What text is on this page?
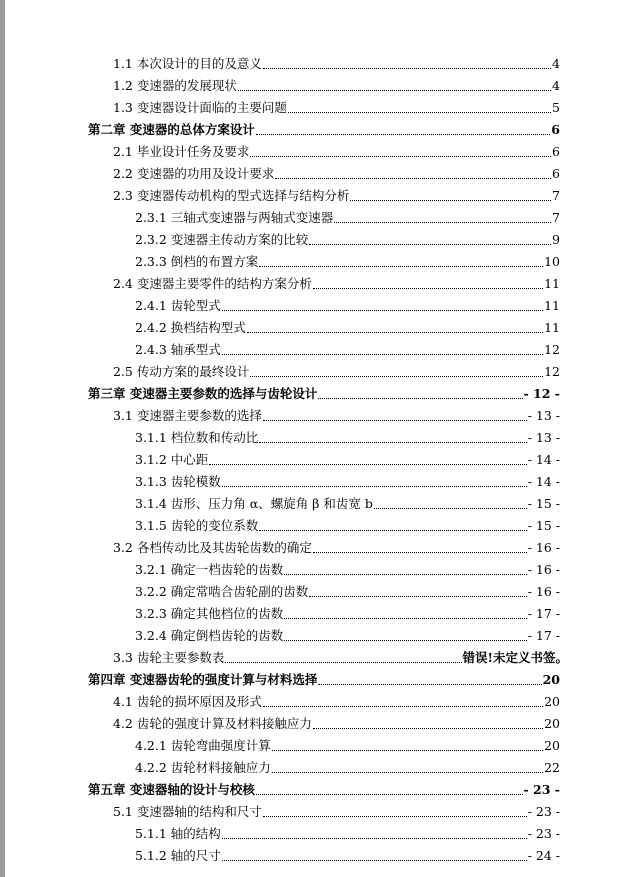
1.1 本次设计的目的及意义	4
1.2 变速器的发展现状	4
1.3 变速器设计面临的主要问题	5
第二章 变速器的总体方案设计	6
2.1 毕业设计任务及要求	6
2.2 变速器的功用及设计要求	6
2.3 变速器传动机构的型式选择与结构分析	7
2.3.1 三轴式变速器与两轴式变速器	7
2.3.2 变速器主传动方案的比较	9
2.3.3 倒档的布置方案	10
2.4 变速器主要零件的结构方案分析	11
2.4.1 齿轮型式	11
2.4.2 换档结构型式	11
2.4.3 轴承型式	12
2.5 传动方案的最终设计	12
第三章 变速器主要参数的选择与齿轮设计	- 12 -
3.1 变速器主要参数的选择	- 13 -
3.1.1 档位数和传动比	- 13 -
3.1.2 中心距	- 14 -
3.1.3 齿轮模数	- 14 -
3.1.4 齿形、压力角 α、螺旋角 β 和齿宽 b	- 15 -
3.1.5 齿轮的变位系数	- 15 -
3.2 各档传动比及其齿轮齿数的确定	- 16 -
3.2.1 确定一档齿轮的齿数	- 16 -
3.2.2 确定常啮合齿轮副的齿数	- 16 -
3.2.3 确定其他档位的齿数	- 17 -
3.2.4 确定倒档齿轮的齿数	- 17 -
3.3 齿轮主要参数表	错误!未定义书签。
第四章 变速器齿轮的强度计算与材料选择	20
4.1 齿轮的损坏原因及形式	20
4.2 齿轮的强度计算及材料接触应力	20
4.2.1 齿轮弯曲强度计算	20
4.2.2 齿轮材料接触应力	22
第五章 变速器轴的设计与校核	- 23 -
5.1 变速器轴的结构和尺寸	- 23 -
5.1.1 轴的结构	- 23 -
5.1.2 轴的尺寸	- 24 -
